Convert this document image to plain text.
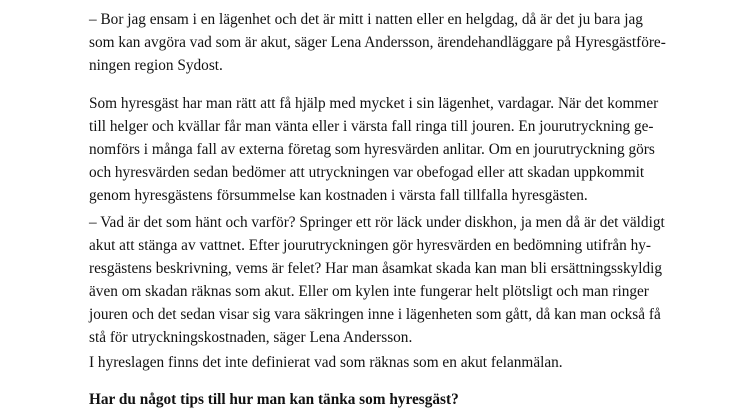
– Bor jag ensam i en lägenhet och det är mitt i natten eller en helgdag, då är det ju bara jag
som kan avgöra vad som är akut, säger Lena Andersson, ärendehandläggare på Hyresgästföre-
ningen region Sydost.

Som hyresgäst har man rätt att få hjälp med mycket i sin lägenhet, vardagar. När det kommer
till helger och kvällar får man vänta eller i värsta fall ringa till jouren. En jourutryckning ge-
nomförs i många fall av externa företag som hyresvärden anlitar. Om en jourutryckning görs
och hyresvärden sedan bedömer att utryckningen var obefogad eller att skadan uppkommit
genom hyresgästens försummelse kan kostnaden i värsta fall tillfalla hyresgästen.

– Vad är det som hänt och varför? Springer ett rör läck under diskhon, ja men då är det väldigt
akut att stänga av vattnet. Efter jourutryckningen gör hyresvärden en bedömning utifrån hy-
resgästens beskrivning, vems är felet? Har man åsamkat skada kan man bli ersättningsskyldig
även om skadan räknas som akut. Eller om kylen inte fungerar helt plötsligt och man ringer
jouren och det sedan visar sig vara säkringen inne i lägenheten som gått, då kan man också få
stå för utryckningskostnaden, säger Lena Andersson.

I hyreslagen finns det inte definierat vad som räknas som en akut felanmälan.

Har du något tips till hur man kan tänka som hyresgäst?
